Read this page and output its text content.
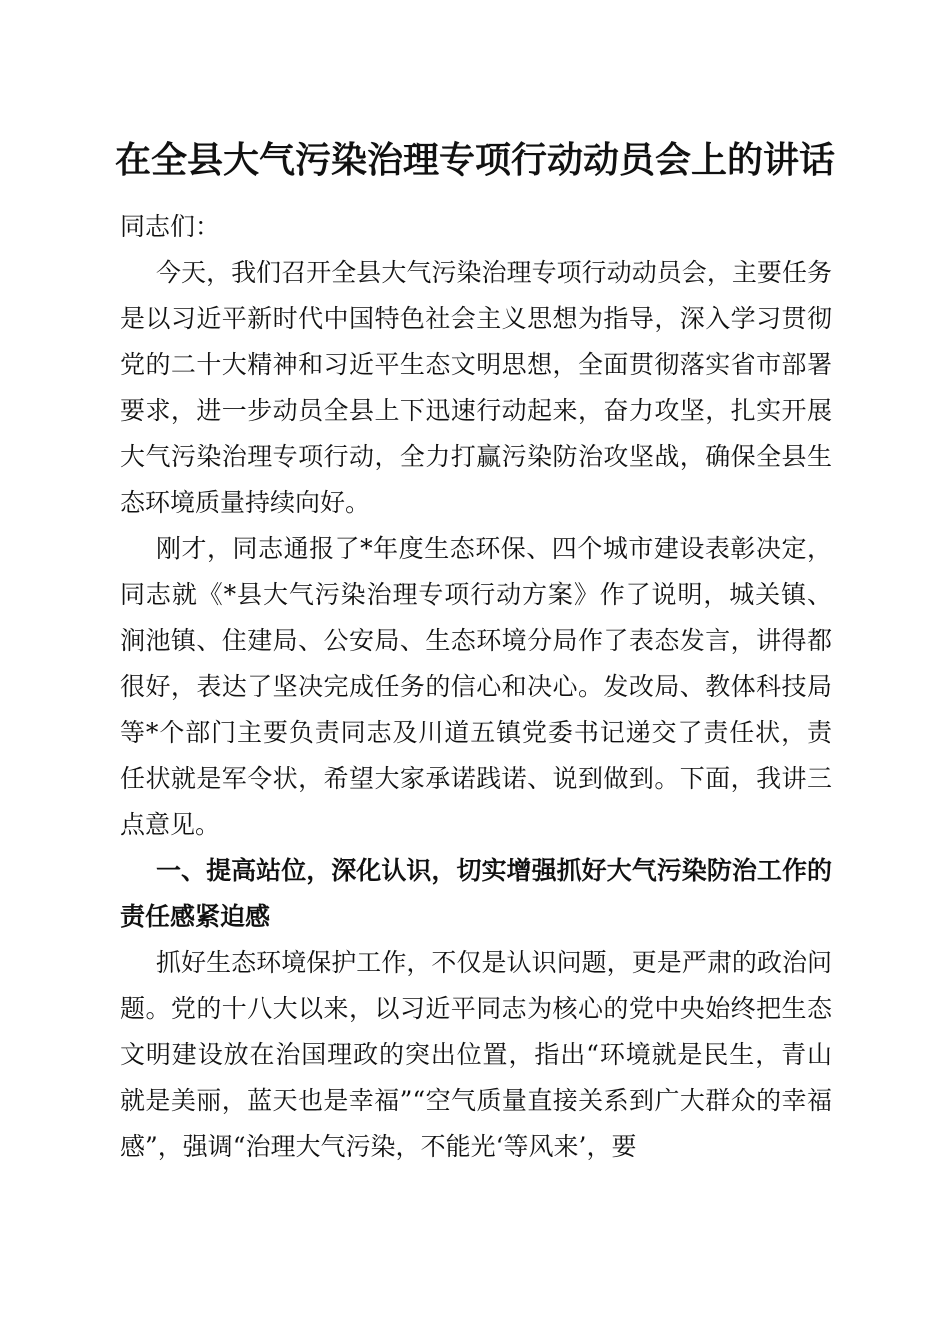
在全县大气污染治理专项行动动员会上的讲话

同志们：

今天，我们召开全县大气污染治理专项行动动员会，主要任务是以习近平新时代中国特色社会主义思想为指导，深入学习贯彻党的二十大精神和习近平生态文明思想，全面贯彻落实省市部署要求，进一步动员全县上下迅速行动起来，奋力攻坚，扎实开展大气污染治理专项行动，全力打赢污染防治攻坚战，确保全县生态环境质量持续向好。

刚才，同志通报了*年度生态环保、四个城市建设表彰决定，同志就《*县大气污染治理专项行动方案》作了说明，城关镇、涧池镇、住建局、公安局、生态环境分局作了表态发言，讲得都很好，表达了坚决完成任务的信心和决心。发改局、教体科技局等*个部门主要负责同志及川道五镇党委书记递交了责任状，责任状就是军令状，希望大家承诺践诺、说到做到。下面，我讲三点意见。

一、提高站位，深化认识，切实增强抓好大气污染防治工作的责任感紧迫感

抓好生态环境保护工作，不仅是认识问题，更是严肃的政治问题。党的十八大以来，以习近平同志为核心的党中央始终把生态文明建设放在治国理政的突出位置，指出“环境就是民生，青山就是美丽，蓝天也是幸福”“空气质量直接关系到广大群众的幸福感”，强调“治理大气污染，不能光‘等风来’，要
